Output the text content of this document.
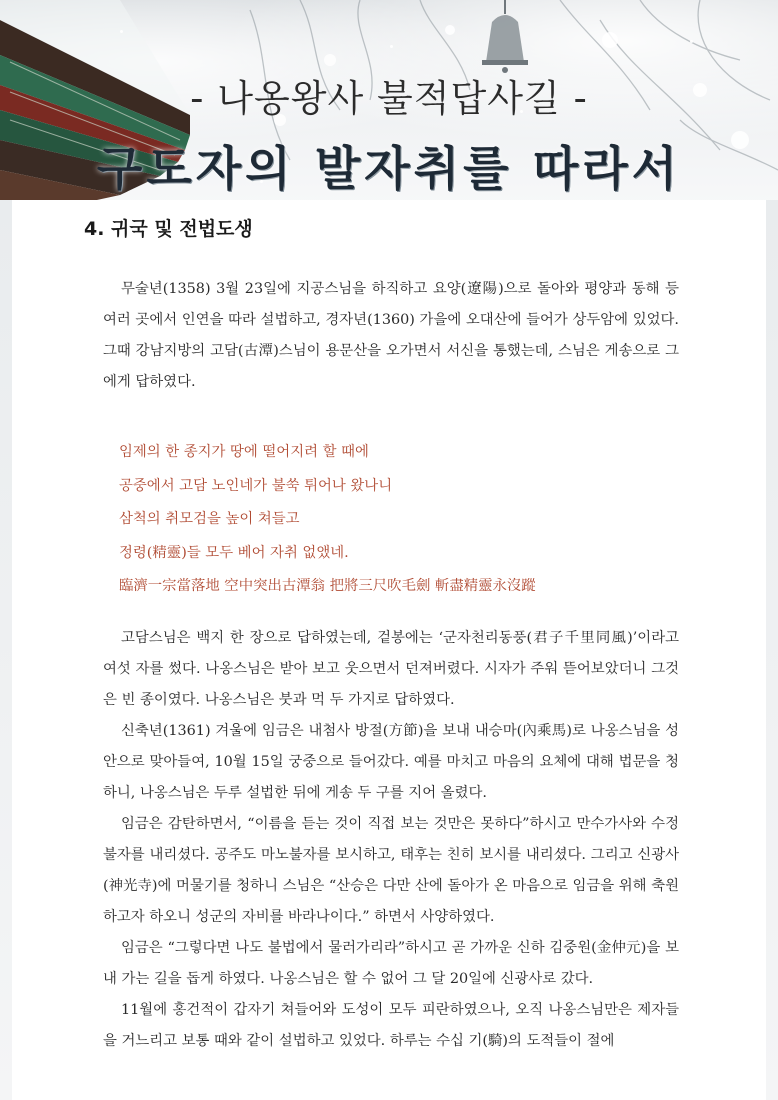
- 나옹왕사 불적답사길 -
구도자의 발자취를 따라서
4. 귀국 및 전법도생

무술년(1358) 3월 23일에 지공스님을 하직하고 요양(遼陽)으로 돌아와 평양과 동해 등 여러 곳에서 인연을 따라 설법하고, 경자년(1360) 가을에 오대산에 들어가 상두암에 있었다. 그때 강남지방의 고담(古潭)스님이 용문산을 오가면서 서신을 통했는데, 스님은 게송으로 그에게 답하였다.

임제의 한 종지가 땅에 떨어지려 할 때에
공중에서 고담 노인네가 불쑥 튀어나 왔나니
삼척의 취모검을 높이 쳐들고
정령(精靈)들 모두 베어 자취 없앴네.
臨濟一宗當落地 空中突出古潭翁 把將三尺吹毛劍 斬盡精靈永沒蹤

고담스님은 백지 한 장으로 답하였는데, 겉봉에는 ‘군자천리동풍(君子千里同風)’이라고 여섯 자를 썼다. 나옹스님은 받아 보고 웃으면서 던져버렸다. 시자가 주워 뜯어보았더니 그것은 빈 종이였다. 나옹스님은 붓과 먹 두 가지로 답하였다.

신축년(1361) 겨울에 임금은 내첨사 방절(方節)을 보내 내승마(內乘馬)로 나옹스님을 성안으로 맞아들여, 10월 15일 궁중으로 들어갔다. 예를 마치고 마음의 요체에 대해 법문을 청하니, 나옹스님은 두루 설법한 뒤에 게송 두 구를 지어 올렸다.

임금은 감탄하면서, “이름을 듣는 것이 직접 보는 것만은 못하다”하시고 만수가사와 수정불자를 내리셨다. 공주도 마노불자를 보시하고, 태후는 친히 보시를 내리셨다. 그리고 신광사(神光寺)에 머물기를 청하니 스님은 “산승은 다만 산에 돌아가 온 마음으로 임금을 위해 축원하고자 하오니 성군의 자비를 바라나이다.” 하면서 사양하였다.

임금은 “그렇다면 나도 불법에서 물러가리라”하시고 곧 가까운 신하 김중원(金仲元)을 보내 가는 길을 돕게 하였다. 나옹스님은 할 수 없어 그 달 20일에 신광사로 갔다.

11월에 홍건적이 갑자기 쳐들어와 도성이 모두 피란하였으나, 오직 나옹스님만은 제자들을 거느리고 보통 때와 같이 설법하고 있었다. 하루는 수십 기(騎)의 도적들이 절에
